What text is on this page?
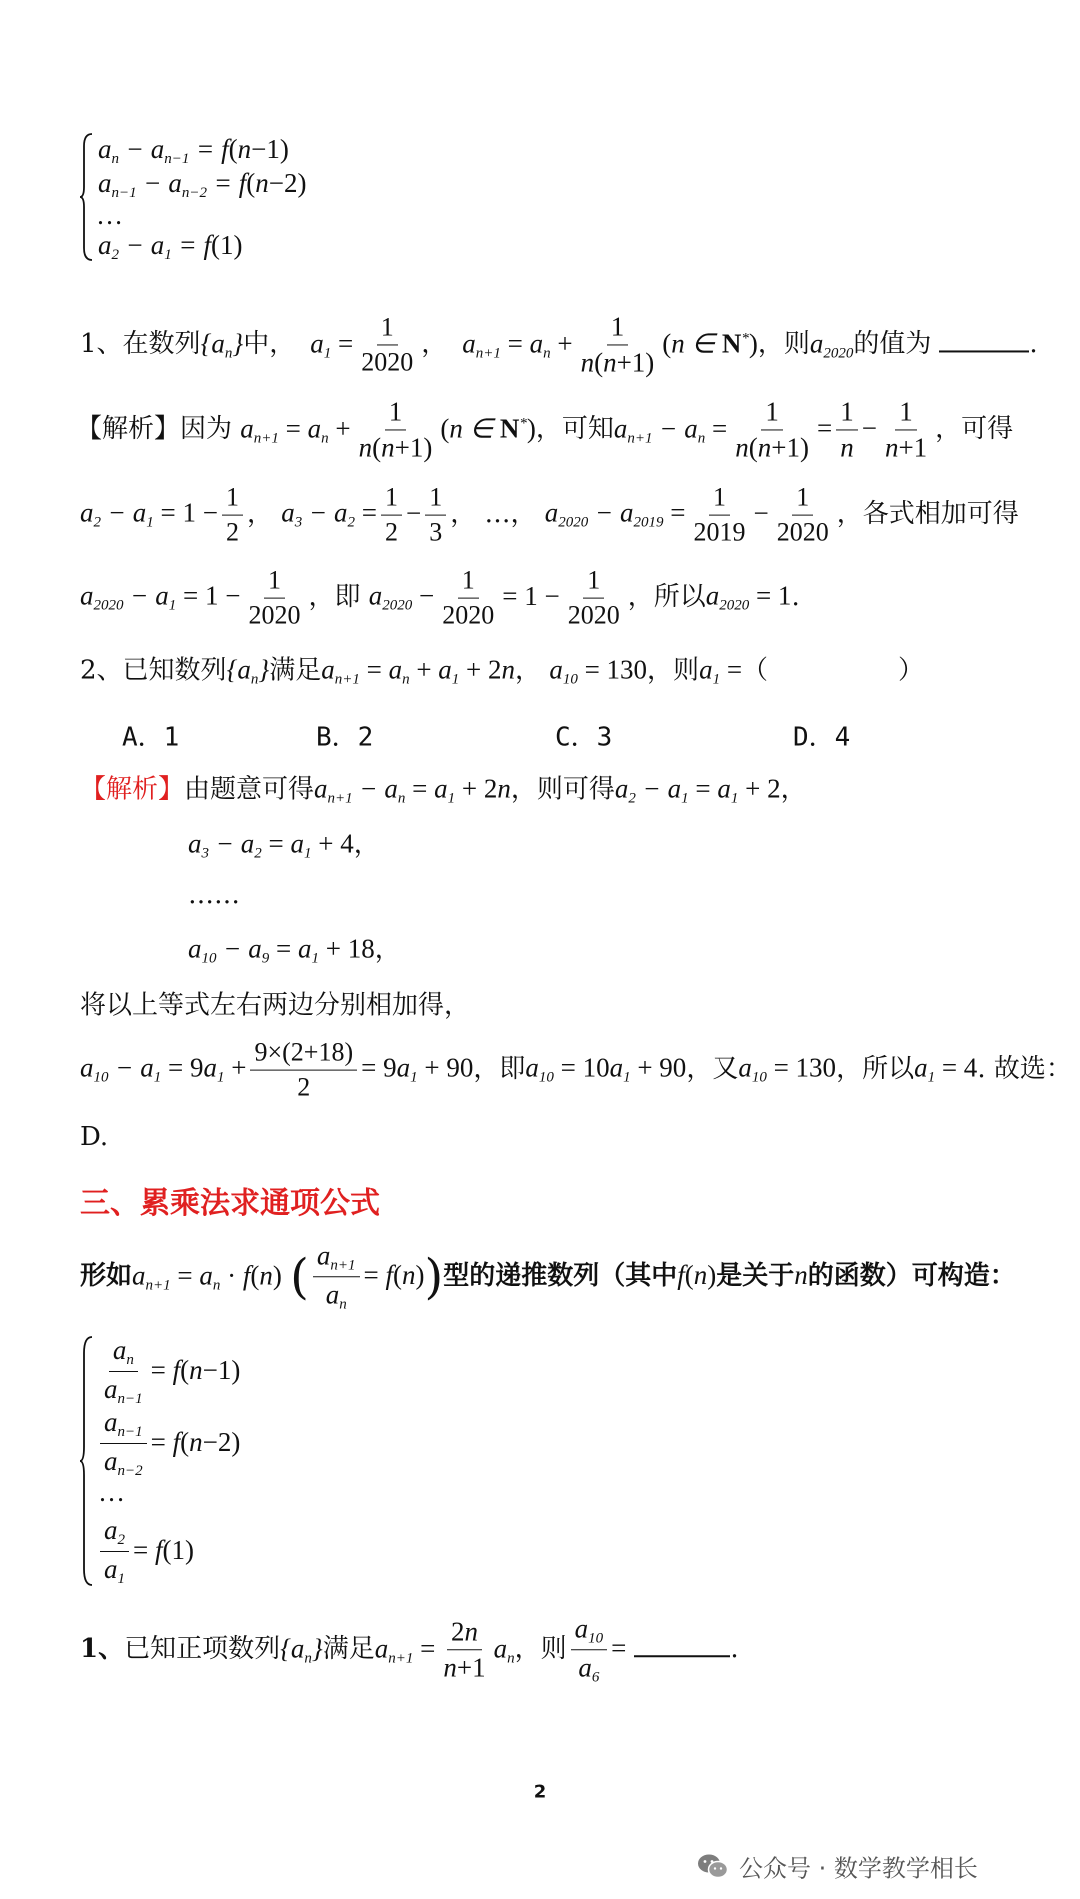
$a_n - a_{n-1} = f(n-1)$
$a_{n-1} - a_{n-2} = f(n-2)$
…
$a_2 - a_1 = f(1)$
1、在数列$\{a_n\}$中，  $a_1 = \frac{1}{2020}$ ，  $a_{n+1} = a_n + \frac{1}{n(n+1)} (n$ ∈ N*)，则$a_{2020}$的值为	.
【解析】因为 $a_{n+1} = a_n + \frac{1}{n(n+1)} (n$ ∈ N*)，可知$a_{n+1} - a_n = \frac{1}{n(n+1)} = \frac{1}{n} - \frac{1}{n+1}$ ，可得
$a_2 - a_1 = 1 - \frac{1}{2}$ ， $a_3 - a_2 = \frac{1}{2} - \frac{1}{3}$ ， …， $a_{2020} - a_{2019} = \frac{1}{2019} - \frac{1}{2020}$ ，各式相加可得
$a_{2020} - a_1 = 1 - \frac{1}{2020}$ ，即 $a_{2020} - \frac{1}{2020} = 1 - \frac{1}{2020}$ ，所以$a_{2020} = 1$.
2、已知数列$\{a_n\}$满足$a_{n+1} = a_n + a_1 + 2n$， $a_{10} = 130$，则$a_1$ =（　　　　　）
A．1	B．2	C．3	D．4
【解析】由题意可得$a_{n+1} - a_n = a_1 + 2n$，则可得$a_2 - a_1 = a_1 + 2$，
$a_3 - a_2 = a_1 + 4$，
……
$a_{10} - a_9 = a_1 + 18$，
将以上等式左右两边分别相加得，
$a_{10} - a_1 = 9a_1 + \frac{9\times(2+18)}{2} = 9a_1 + 90$，即$a_{10} = 10a_1 + 90$，又$a_{10} = 130$，所以$a_1 = 4$. 故选：
D.
三、累乘法求通项公式
形如$a_{n+1} = a_n \cdot f(n)$ ( $\frac{a_{n+1}}{a_n} = f(n)$)型的递推数列（其中f(n)是关于n的函数）可构造：
$\frac{a_n}{a_{n-1}} = f(n-1)$
$\frac{a_{n-1}}{a_{n-2}} = f(n-2)$
…
$\frac{a_2}{a_1} = f(1)$
1、已知正项数列$\{a_n\}$满足$a_{n+1} = \frac{2n}{n+1} a_n$，则 $\frac{a_{10}}{a_6}$ =	.
2
公众号 · 数学教学相长
